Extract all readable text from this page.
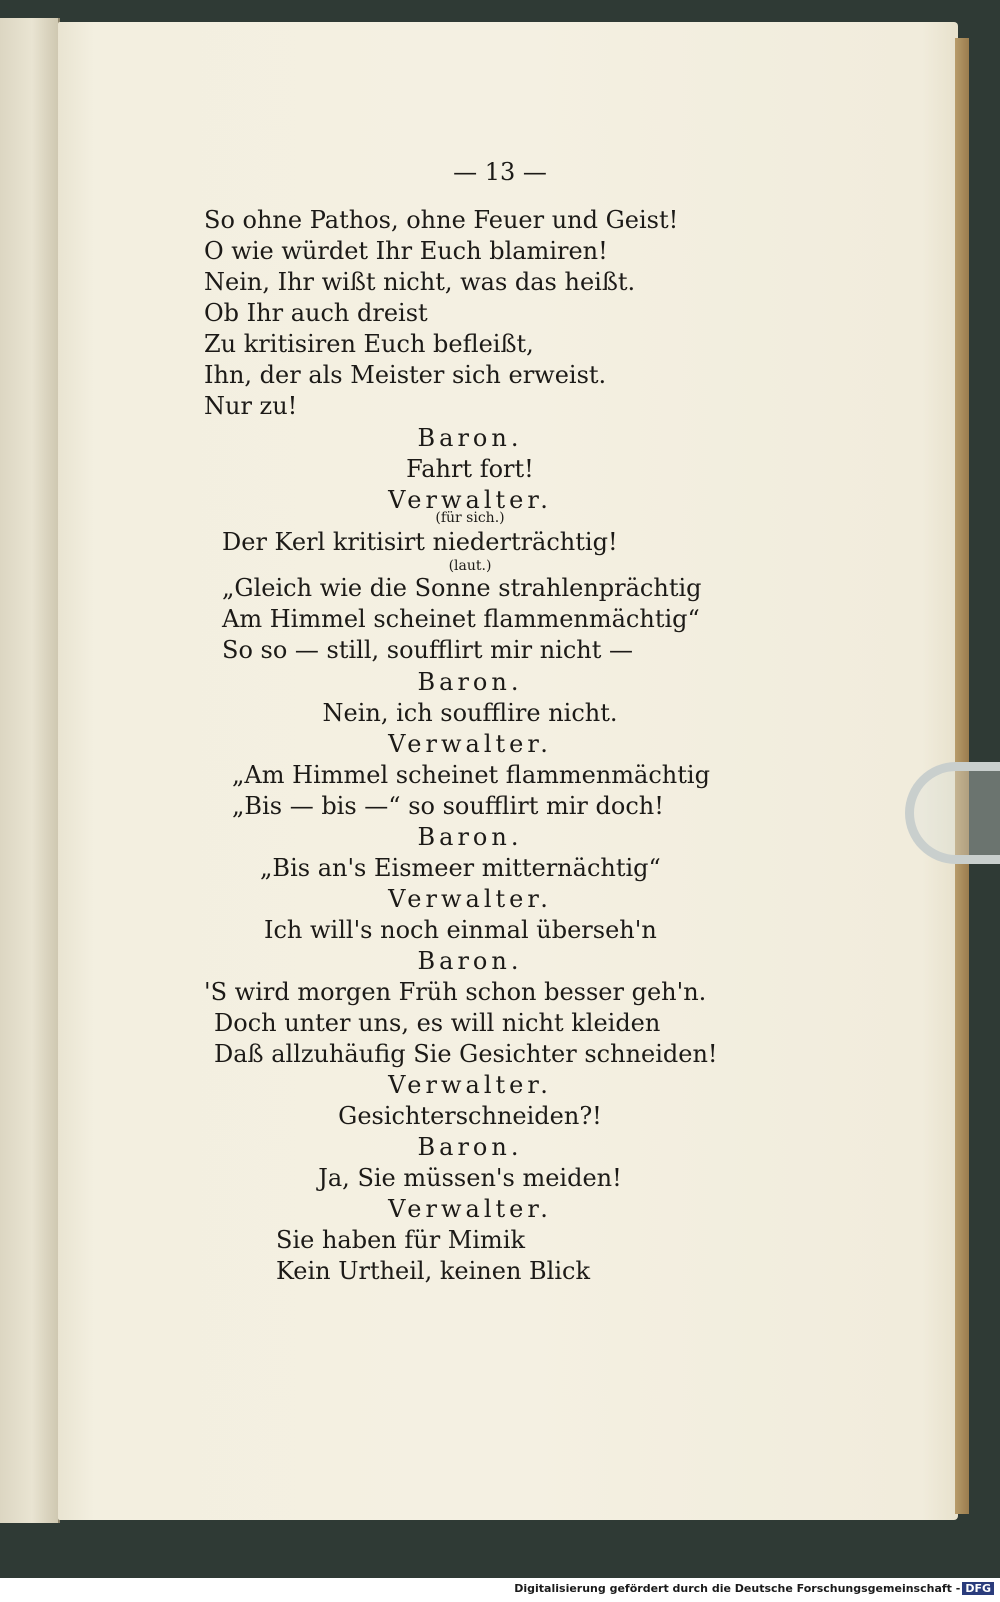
— 13 —
So ohne Pathos, ohne Feuer und Geist!
O wie würdet Ihr Euch blamiren!
Nein, Ihr wißt nicht, was das heißt.
Ob Ihr auch dreist
Zu kritisiren Euch befleißt,
Ihn, der als Meister sich erweist.
Nur zu!
Baron.
Fahrt fort!
Verwalter.
(für sich.)
Der Kerl kritisirt niederträchtig!
(laut.)
„Gleich wie die Sonne strahlenprächtig
Am Himmel scheinet flammenmächtig“
So so — still, soufflirt mir nicht —
Baron.
Nein, ich soufflire nicht.
Verwalter.
„Am Himmel scheinet flammenmächtig
„Bis — bis —“ so soufflirt mir doch!
Baron.
„Bis an's Eismeer mitternächtig“
Verwalter.
Ich will's noch einmal überseh'n
Baron.
'S wird morgen Früh schon besser geh'n.
Doch unter uns, es will nicht kleiden
Daß allzuhäufig Sie Gesichter schneiden!
Verwalter.
Gesichterschneiden?!
Baron.
Ja, Sie müssen's meiden!
Verwalter.
Sie haben für Mimik
Kein Urtheil, keinen Blick
Digitalisierung gefördert durch die Deutsche Forschungsgemeinschaft - DFG
